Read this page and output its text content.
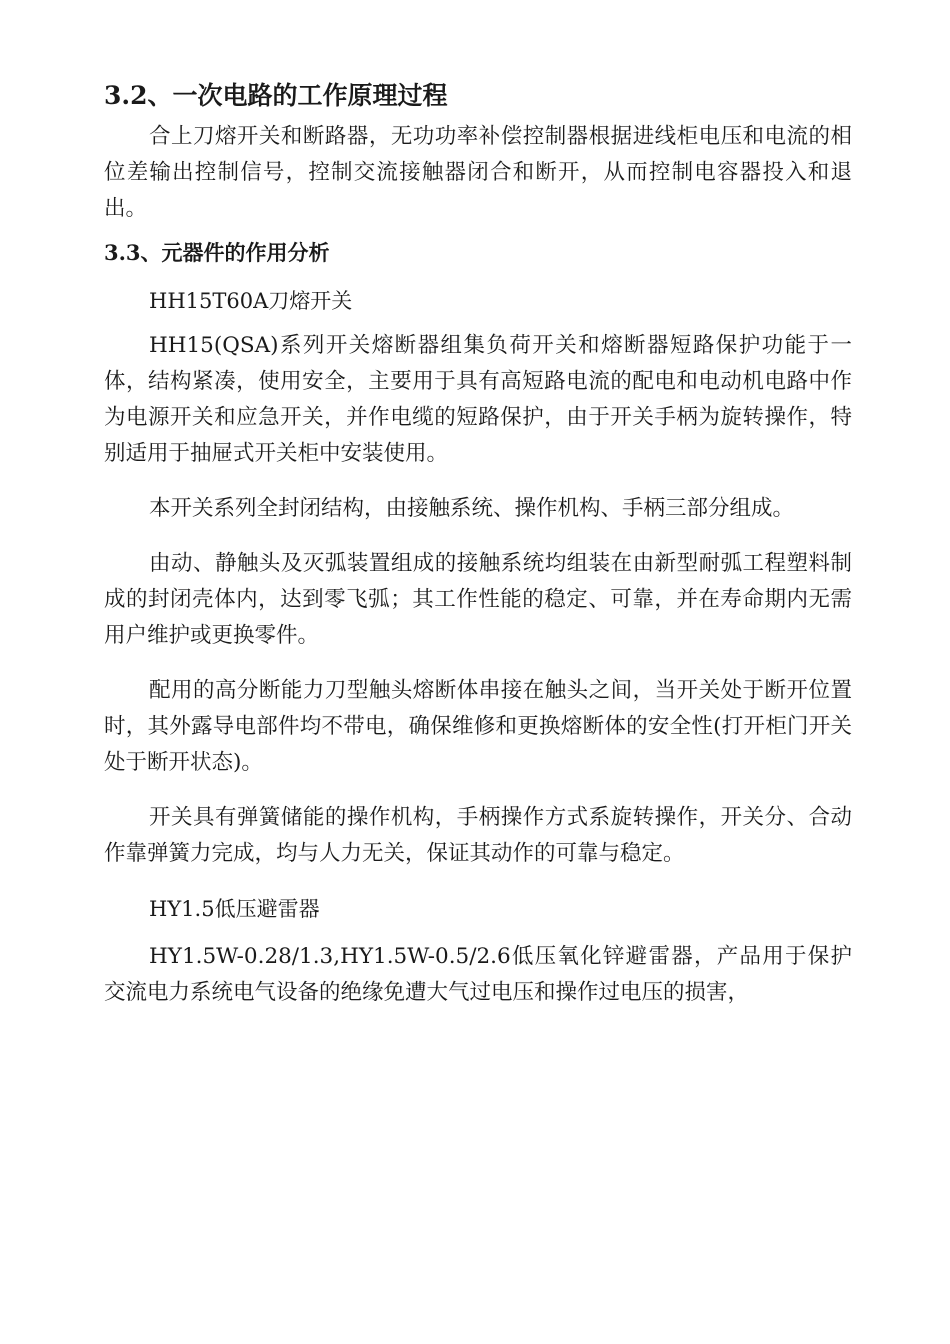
3.2、一次电路的工作原理过程

合上刀熔开关和断路器，无功功率补偿控制器根据进线柜电压和电流的相位差输出控制信号，控制交流接触器闭合和断开，从而控制电容器投入和退出。

3.3、元器件的作用分析
HH15T60A刀熔开关

HH15(QSA)系列开关熔断器组集负荷开关和熔断器短路保护功能于一体，结构紧凑，使用安全，主要用于具有高短路电流的配电和电动机电路中作为电源开关和应急开关，并作电缆的短路保护，由于开关手柄为旋转操作，特别适用于抽屉式开关柜中安装使用。

本开关系列全封闭结构，由接触系统、操作机构、手柄三部分组成。

由动、静触头及灭弧装置组成的接触系统均组装在由新型耐弧工程塑料制成的封闭壳体内，达到零飞弧；其工作性能的稳定、可靠，并在寿命期内无需用户维护或更换零件。

配用的高分断能力刀型触头熔断体串接在触头之间，当开关处于断开位置时，其外露导电部件均不带电，确保维修和更换熔断体的安全性(打开柜门开关处于断开状态)。

开关具有弹簧储能的操作机构，手柄操作方式系旋转操作，开关分、合动作靠弹簧力完成，均与人力无关，保证其动作的可靠与稳定。

HY1.5低压避雷器

HY1.5W-0.28/1.3,HY1.5W-0.5/2.6低压氧化锌避雷器，产品用于保护交流电力系统电气设备的绝缘免遭大气过电压和操作过电压的损害，
